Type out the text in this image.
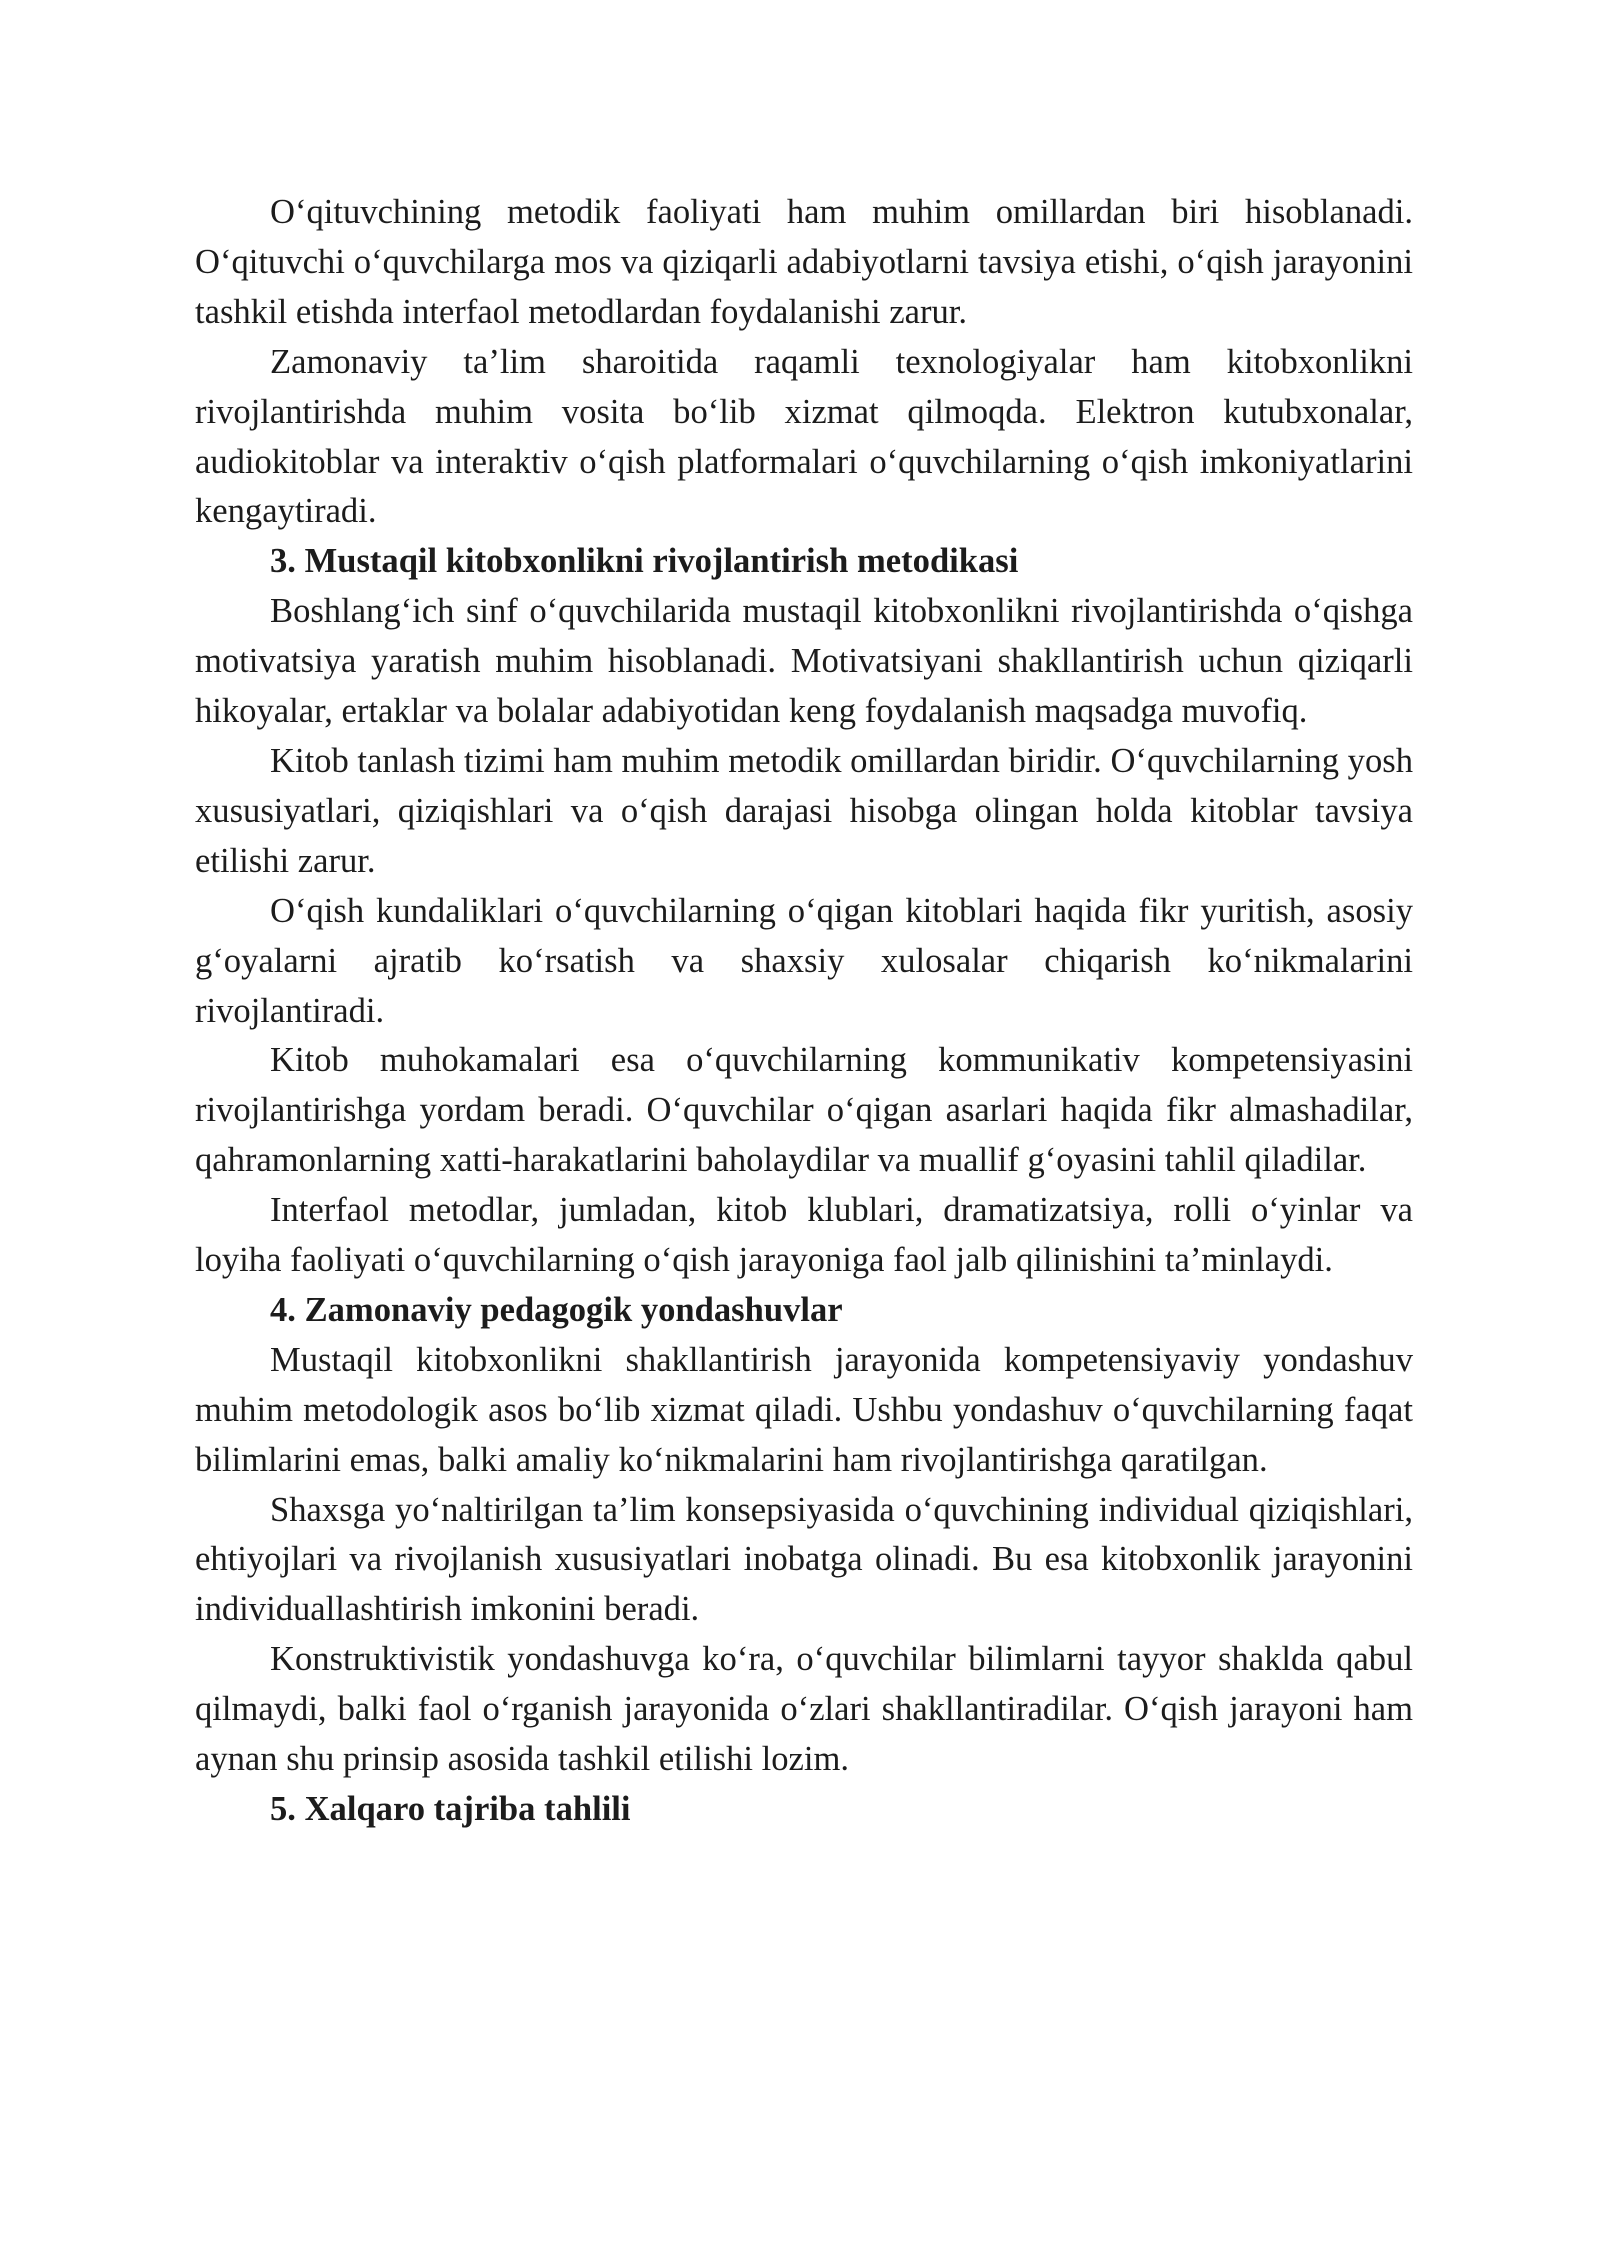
O‘qituvchining metodik faoliyati ham muhim omillardan biri hisoblanadi. O‘qituvchi o‘quvchilarga mos va qiziqarli adabiyotlarni tavsiya etishi, o‘qish jarayonini tashkil etishda interfaol metodlardan foydalanishi zarur.

Zamonaviy ta’lim sharoitida raqamli texnologiyalar ham kitobxonlikni rivojlantirishda muhim vosita bo‘lib xizmat qilmoqda. Elektron kutubxonalar, audiokitoblar va interaktiv o‘qish platformalari o‘quvchilarning o‘qish imkoniyatlarini kengaytiradi.

3. Mustaqil kitobxonlikni rivojlantirish metodikasi

Boshlang‘ich sinf o‘quvchilarida mustaqil kitobxonlikni rivojlantirishda o‘qishga motivatsiya yaratish muhim hisoblanadi. Motivatsiyani shakllantirish uchun qiziqarli hikoyalar, ertaklar va bolalar adabiyotidan keng foydalanish maqsadga muvofiq.

Kitob tanlash tizimi ham muhim metodik omillardan biridir. O‘quvchilarning yosh xususiyatlari, qiziqishlari va o‘qish darajasi hisobga olingan holda kitoblar tavsiya etilishi zarur.

O‘qish kundaliklari o‘quvchilarning o‘qigan kitoblari haqida fikr yuritish, asosiy g‘oyalarni ajratib ko‘rsatish va shaxsiy xulosalar chiqarish ko‘nikmalarini rivojlantiradi.

Kitob muhokamalari esa o‘quvchilarning kommunikativ kompetensiyasini rivojlantirishga yordam beradi. O‘quvchilar o‘qigan asarlari haqida fikr almashadilar, qahramonlarning xatti-harakatlarini baholaydilar va muallif g‘oyasini tahlil qiladilar.

Interfaol metodlar, jumladan, kitob klublari, dramatizatsiya, rolli o‘yinlar va loyiha faoliyati o‘quvchilarning o‘qish jarayoniga faol jalb qilinishini ta’minlaydi.

4. Zamonaviy pedagogik yondashuvlar

Mustaqil kitobxonlikni shakllantirish jarayonida kompetensiyaviy yondashuv muhim metodologik asos bo‘lib xizmat qiladi. Ushbu yondashuv o‘quvchilarning faqat bilimlarini emas, balki amaliy ko‘nikmalarini ham rivojlantirishga qaratilgan.

Shaxsga yo‘naltirilgan ta’lim konsepsiyasida o‘quvchining individual qiziqishlari, ehtiyojlari va rivojlanish xususiyatlari inobatga olinadi. Bu esa kitobxonlik jarayonini individuallashtirish imkonini beradi.

Konstruktivistik yondashuvga ko‘ra, o‘quvchilar bilimlarni tayyor shaklda qabul qilmaydi, balki faol o‘rganish jarayonida o‘zlari shakllantiradilar. O‘qish jarayoni ham aynan shu prinsip asosida tashkil etilishi lozim.

5. Xalqaro tajriba tahlili
